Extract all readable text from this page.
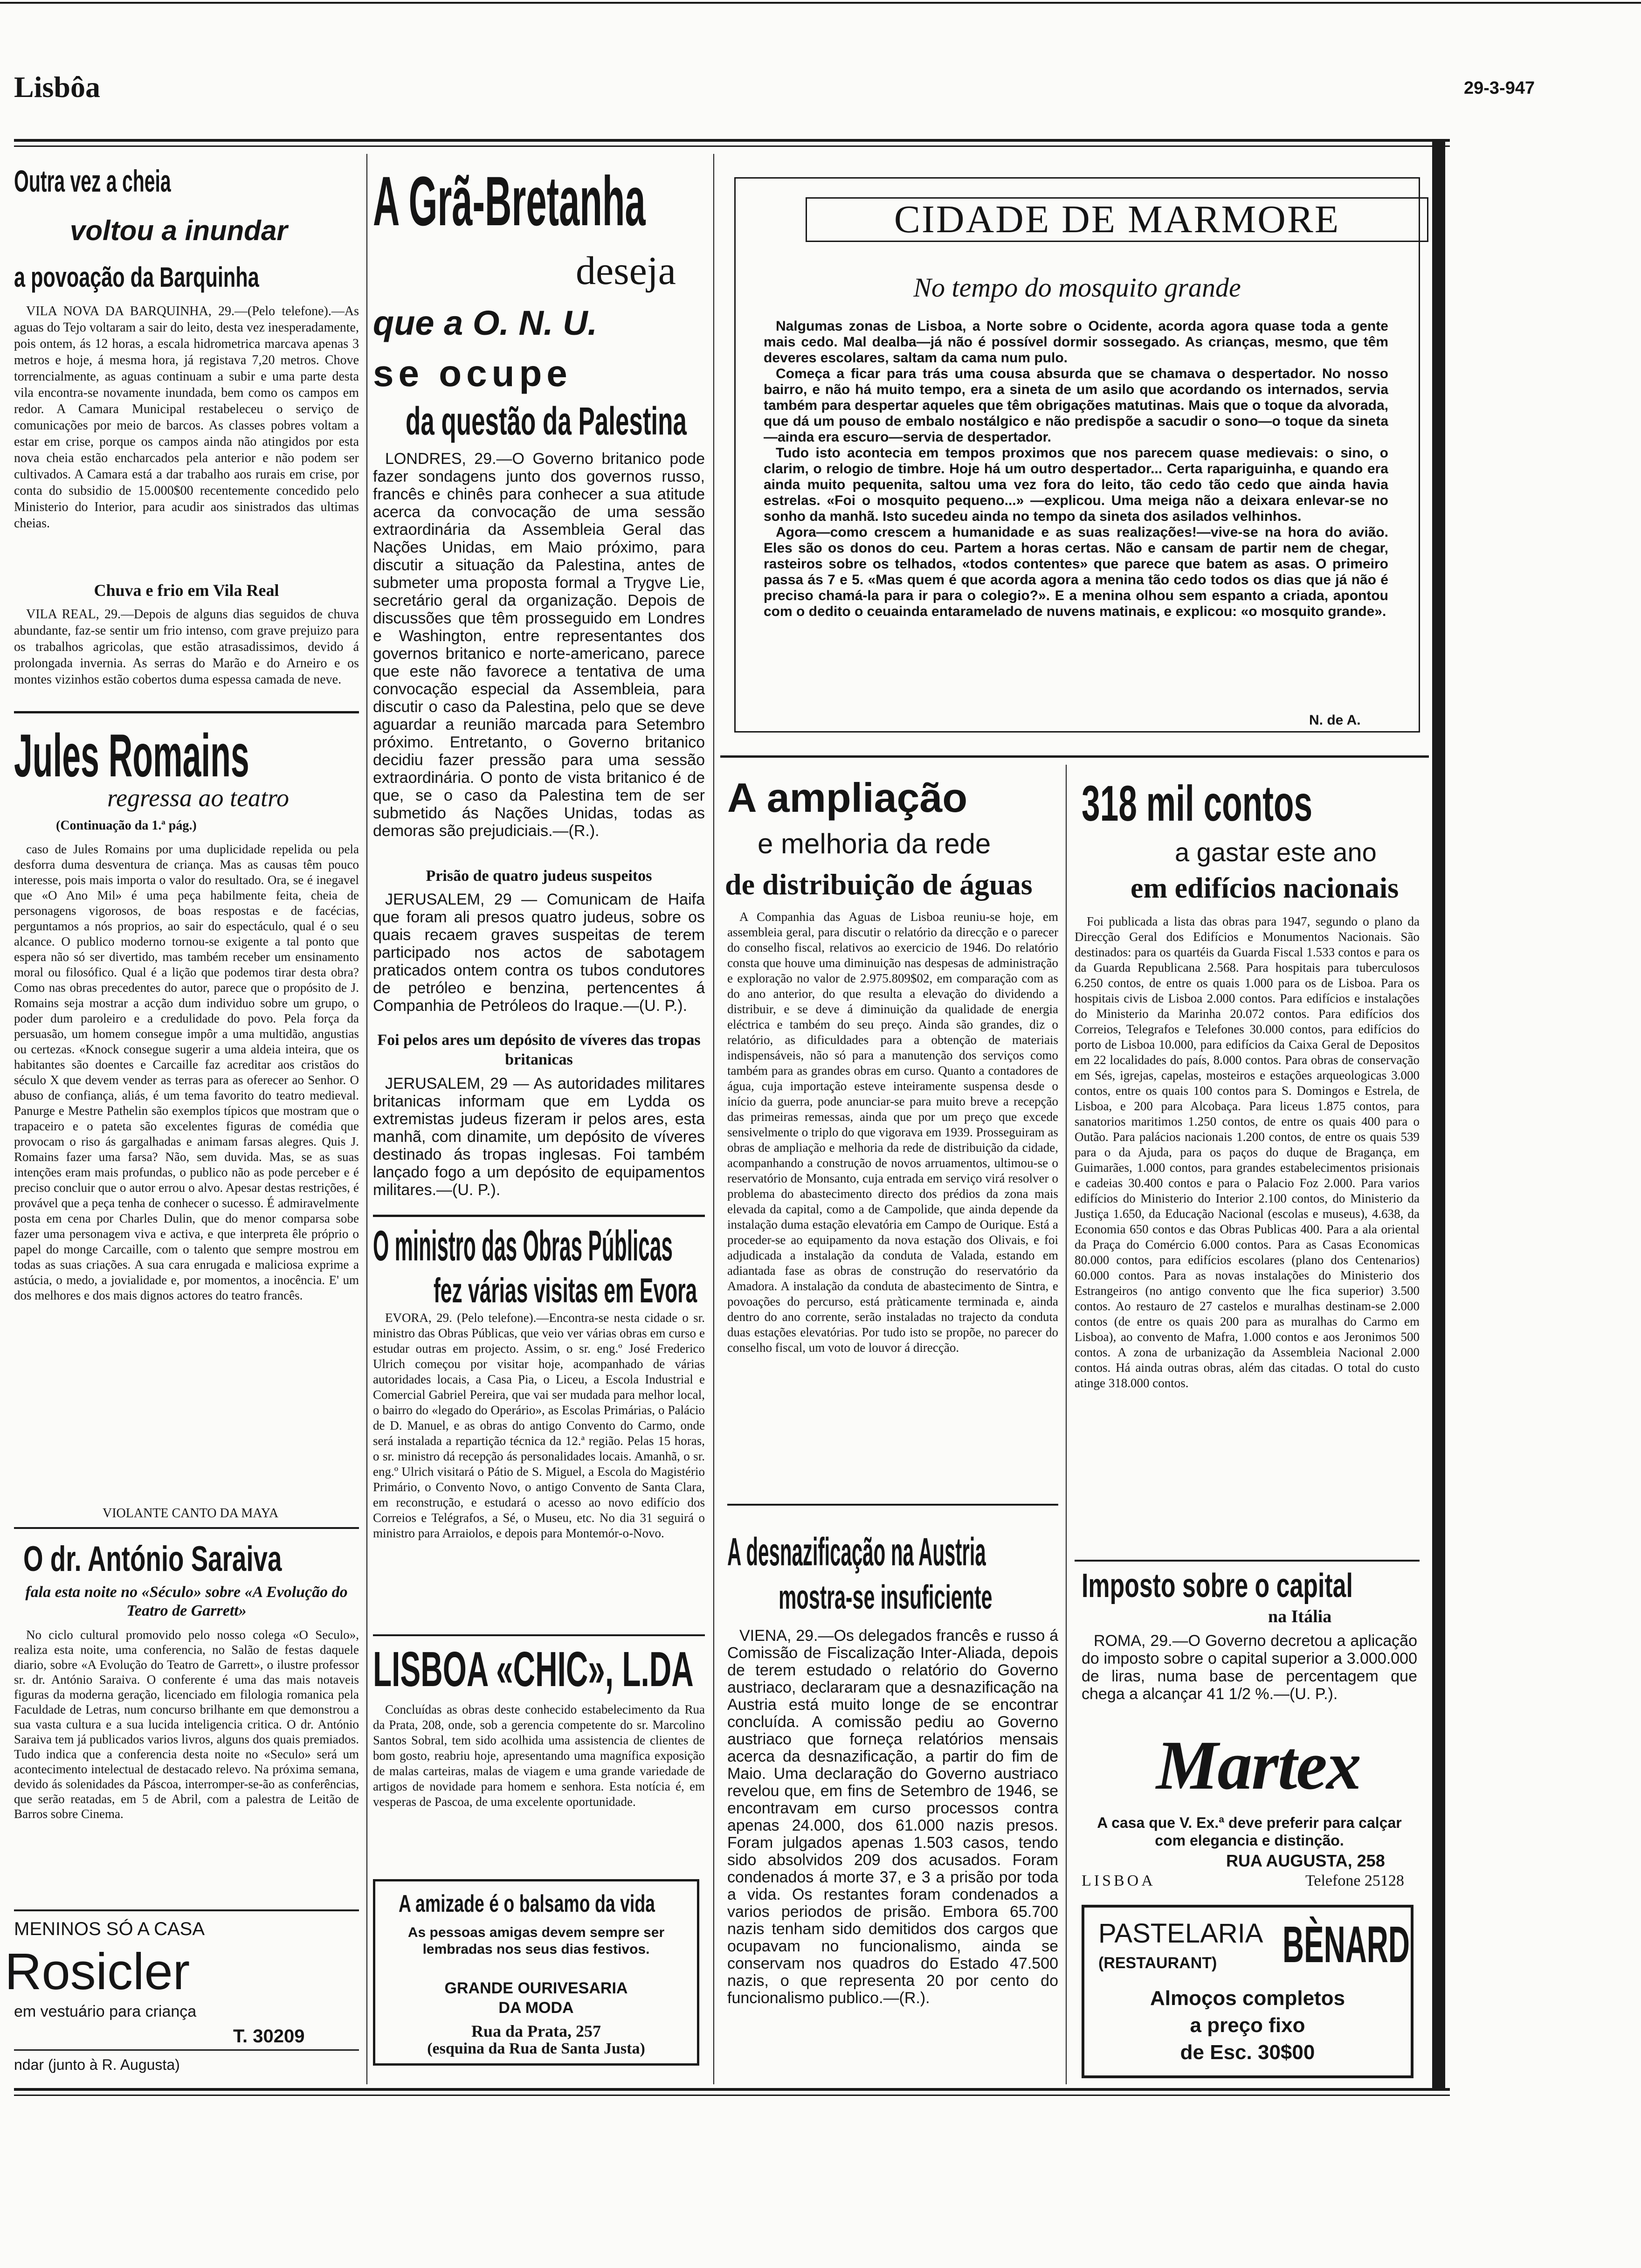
Lisbôa	29-3-947
Outra vez a cheia
voltou a inundar
a povoação da Barquinha

VILA NOVA DA BARQUINHA, 29.—(Pelo telefone).—As aguas do Tejo voltaram a sair do leito, desta vez inesperadamente, pois ontem, ás 12 horas, a escala hidrometrica marcava apenas 3 metros e hoje, á mesma hora, já registava 7,20 metros. Chove torrencialmente, as aguas continuam a subir e uma parte desta vila encontra-se novamente inundada, bem como os campos em redor. A Camara Municipal restabeleceu o serviço de comunicações por meio de barcos. As classes pobres voltam a estar em crise, porque os campos ainda não atingidos por esta nova cheia estão encharcados pela anterior e não podem ser cultivados. A Camara está a dar trabalho aos rurais em crise, por conta do subsidio de 15.000$00 recentemente concedido pelo Ministerio do Interior, para acudir aos sinistrados das ultimas cheias.

Chuva e frio em Vila Real

VILA REAL, 29.—Depois de alguns dias seguidos de chuva abundante, faz-se sentir um frio intenso, com grave prejuizo para os trabalhos agricolas, que estão atrasadissimos, devido á prolongada invernia. As serras do Marão e do Arneiro e os montes vizinhos estão cobertos duma espessa camada de neve.

Jules Romains
regressa ao teatro
(Continuação da 1.ª pág.)

caso de Jules Romains por uma duplicidade repelida ou pela desforra duma desventura de criança. Mas as causas têm pouco interesse, pois mais importa o valor do resultado. Ora, se é inegavel que «O Ano Mil» é uma peça habilmente feita, cheia de personagens vigorosos, de boas respostas e de facécias, perguntamos a nós proprios, ao sair do espectáculo, qual é o seu alcance. O publico moderno tornou-se exigente a tal ponto que espera não só ser divertido, mas também receber um ensinamento moral ou filosófico. Qual é a lição que podemos tirar desta obra? Como nas obras precedentes do autor, parece que o propósito de J. Romains seja mostrar a acção dum individuo sobre um grupo, o poder dum paroleiro e a credulidade do povo. Pela força da persuasão, um homem consegue impôr a uma multidão, angustias ou certezas. «Knock consegue sugerir a uma aldeia inteira, que os habitantes são doentes e Carcaille faz acreditar aos cristãos do século X que devem vender as terras para as oferecer ao Senhor. O abuso de confiança, aliás, é um tema favorito do teatro medieval. Panurge e Mestre Pathelin são exemplos típicos que mostram que o trapaceiro e o pateta são excelentes figuras de comédia que provocam o riso ás gargalhadas e animam farsas alegres. Quis J. Romains fazer uma farsa? Não, sem duvida. Mas, se as suas intenções eram mais profundas, o publico não as pode perceber e é preciso concluir que o autor errou o alvo. Apesar destas restrições, é provável que a peça tenha de conhecer o sucesso. É admiravelmente posta em cena por Charles Dulin, que do menor comparsa sobe fazer uma personagem viva e activa, e que interpreta êle próprio o papel do monge Carcaille, com o talento que sempre mostrou em todas as suas criações. A sua cara enrugada e maliciosa exprime a astúcia, o medo, a jovialidade e, por momentos, a inocência. E' um dos melhores e dos mais dignos actores do teatro francês.

VIOLANTE CANTO DA MAYA
O dr. António Saraiva
fala esta noite no «Século» sobre «A Evolução do Teatro de Garrett»

No ciclo cultural promovido pelo nosso colega «O Seculo», realiza esta noite, uma conferencia, no Salão de festas daquele diario, sobre «A Evolução do Teatro de Garrett», o ilustre professor sr. dr. António Saraiva. O conferente é uma das mais notaveis figuras da moderna geração, licenciado em filologia romanica pela Faculdade de Letras, num concurso brilhante em que demonstrou a sua vasta cultura e a sua lucida inteligencia critica. O dr. António Saraiva tem já publicados varios livros, alguns dos quais premiados. Tudo indica que a conferencia desta noite no «Seculo» será um acontecimento intelectual de destacado relevo. Na próxima semana, devido ás solenidades da Páscoa, interromper-se-ão as conferências, que serão reatadas, em 5 de Abril, com a palestra de Leitão de Barros sobre Cinema.

MENINOS SÓ A CASA
Rosicler
em vestuário para criança
T. 30209
ndar (junto à R. Augusta)
A Grã-Bretanha
deseja
que a O. N. U.
se ocupe
da questão da Palestina

LONDRES, 29.—O Governo britanico pode fazer sondagens junto dos governos russo, francês e chinês para conhecer a sua atitude acerca da convocação de uma sessão extraordinária da Assembleia Geral das Nações Unidas, em Maio próximo, para discutir a situação da Palestina, antes de submeter uma proposta formal a Trygve Lie, secretário geral da organização. Depois de discussões que têm prosseguido em Londres e Washington, entre representantes dos governos britanico e norte-americano, parece que este não favorece a tentativa de uma convocação especial da Assembleia, para discutir o caso da Palestina, pelo que se deve aguardar a reunião marcada para Setembro próximo. Entretanto, o Governo britanico decidiu fazer pressão para uma sessão extraordinária. O ponto de vista britanico é de que, se o caso da Palestina tem de ser submetido ás Nações Unidas, todas as demoras são prejudiciais.—(R.).

Prisão de quatro judeus suspeitos

JERUSALEM, 29 — Comunicam de Haifa que foram ali presos quatro judeus, sobre os quais recaem graves suspeitas de terem participado nos actos de sabotagem praticados ontem contra os tubos condutores de petróleo e benzina, pertencentes á Companhia de Petróleos do Iraque.—(U. P.).

Foi pelos ares um depósito de víveres das tropas britanicas

JERUSALEM, 29 — As autoridades militares britanicas informam que em Lydda os extremistas judeus fizeram ir pelos ares, esta manhã, com dinamite, um depósito de víveres destinado ás tropas inglesas. Foi também lançado fogo a um depósito de equipamentos militares.—(U. P.).

O ministro das Obras Públicas
fez várias visitas em Evora

EVORA, 29. (Pelo telefone).—Encontra-se nesta cidade o sr. ministro das Obras Públicas, que veio ver várias obras em curso e estudar outras em projecto. Assim, o sr. eng.º José Frederico Ulrich começou por visitar hoje, acompanhado de várias autoridades locais, a Casa Pia, o Liceu, a Escola Industrial e Comercial Gabriel Pereira, que vai ser mudada para melhor local, o bairro do «legado do Operário», as Escolas Primárias, o Palácio de D. Manuel, e as obras do antigo Convento do Carmo, onde será instalada a repartição técnica da 12.ª região. Pelas 15 horas, o sr. ministro dá recepção ás personalidades locais. Amanhã, o sr. eng.º Ulrich visitará o Pátio de S. Miguel, a Escola do Magistério Primário, o Convento Novo, o antigo Convento de Santa Clara, em reconstrução, e estudará o acesso ao novo edifício dos Correios e Telégrafos, a Sé, o Museu, etc. No dia 31 seguirá o ministro para Arraiolos, e depois para Montemór-o-Novo.

LISBOA «CHIC», L.DA

Concluídas as obras deste conhecido estabelecimento da Rua da Prata, 208, onde, sob a gerencia competente do sr. Marcolino Santos Sobral, tem sido acolhida uma assistencia de clientes de bom gosto, reabriu hoje, apresentando uma magnífica exposição de malas carteiras, malas de viagem e uma grande variedade de artigos de novidade para homem e senhora. Esta notícia é, em vesperas de Pascoa, de uma excelente oportunidade.

A amizade é o balsamo da vida
As pessoas amigas devem sempre ser lembradas nos seus dias festivos.
GRANDE OURIVESARIA
DA MODA
Rua da Prata, 257
(esquina da Rua de Santa Justa)
CIDADE DE MARMORE
No tempo do mosquito grande

Nalgumas zonas de Lisboa, a Norte sobre o Ocidente, acorda agora quase toda a gente mais cedo. Mal dealba—já não é possível dormir sossegado. As crianças, mesmo, que têm deveres escolares, saltam da cama num pulo.

Começa a ficar para trás uma cousa absurda que se chamava o despertador. No nosso bairro, e não há muito tempo, era a sineta de um asilo que acordando os internados, servia também para despertar aqueles que têm obrigações matutinas. Mais que o toque da alvorada, que dá um pouso de embalo nostálgico e não predispõe a sacudir o sono—o toque da sineta—ainda era escuro—servia de despertador.

Tudo isto acontecia em tempos proximos que nos parecem quase medievais: o sino, o clarim, o relogio de timbre. Hoje há um outro despertador... Certa rapariguinha, e quando era ainda muito pequenita, saltou uma vez fora do leito, tão cedo tão cedo que ainda havia estrelas. «Foi o mosquito pequeno...» —explicou. Uma meiga não a deixara enlevar-se no sonho da manhã. Isto sucedeu ainda no tempo da sineta dos asilados velhinhos.

Agora—como crescem a humanidade e as suas realizações!—vive-se na hora do avião. Eles são os donos do ceu. Partem a horas certas. Não e cansam de partir nem de chegar, rasteiros sobre os telhados, «todos contentes» que parece que batem as asas. O primeiro passa ás 7 e 5. «Mas quem é que acorda agora a menina tão cedo todos os dias que já não é preciso chamá-la para ir para o colegio?». E a menina olhou sem espanto a criada, apontou com o dedito o ceuainda entaramelado de nuvens matinais, e explicou: «o mosquito grande».

N. de A.
A ampliação
e melhoria da rede
de distribuição de águas

A Companhia das Aguas de Lisboa reuniu-se hoje, em assembleia geral, para discutir o relatório da direcção e o parecer do conselho fiscal, relativos ao exercicio de 1946. Do relatório consta que houve uma diminuição nas despesas de administração e exploração no valor de 2.975.809$02, em comparação com as do ano anterior, do que resulta a elevação do dividendo a distribuir, e se deve á diminuição da qualidade de energia eléctrica e também do seu preço. Ainda são grandes, diz o relatório, as dificuldades para a obtenção de materiais indispensáveis, não só para a manutenção dos serviços como também para as grandes obras em curso. Quanto a contadores de água, cuja importação esteve inteiramente suspensa desde o início da guerra, pode anunciar-se para muito breve a recepção das primeiras remessas, ainda que por um preço que excede sensivelmente o triplo do que vigorava em 1939. Prosseguiram as obras de ampliação e melhoria da rede de distribuição da cidade, acompanhando a construção de novos arruamentos, ultimou-se o reservatório de Monsanto, cuja entrada em serviço virá resolver o problema do abastecimento directo dos prédios da zona mais elevada da capital, como a de Campolide, que ainda depende da instalação duma estação elevatória em Campo de Ourique. Está a proceder-se ao equipamento da nova estação dos Olivais, e foi adjudicada a instalação da conduta de Valada, estando em adiantada fase as obras de construção do reservatório da Amadora. A instalação da conduta de abastecimento de Sintra, e povoações do percurso, está pràticamente terminada e, ainda dentro do ano corrente, serão instaladas no trajecto da conduta duas estações elevatórias. Por tudo isto se propõe, no parecer do conselho fiscal, um voto de louvor á direcção.

A desnazificação na Austria
mostra-se insuficiente

VIENA, 29.—Os delegados francês e russo á Comissão de Fiscalização Inter-Aliada, depois de terem estudado o relatório do Governo austriaco, declararam que a desnazificação na Austria está muito longe de se encontrar concluída. A comissão pediu ao Governo austriaco que forneça relatórios mensais acerca da desnazificação, a partir do fim de Maio. Uma declaração do Governo austriaco revelou que, em fins de Setembro de 1946, se encontravam em curso processos contra apenas 24.000, dos 61.000 nazis presos. Foram julgados apenas 1.503 casos, tendo sido absolvidos 209 dos acusados. Foram condenados á morte 37, e 3 a prisão por toda a vida. Os restantes foram condenados a varios periodos de prisão. Embora 65.700 nazis tenham sido demitidos dos cargos que ocupavam no funcionalismo, ainda se conservam nos quadros do Estado 47.500 nazis, o que representa 20 por cento do funcionalismo publico.—(R.).

318 mil contos
a gastar este ano
em edifícios nacionais

Foi publicada a lista das obras para 1947, segundo o plano da Direcção Geral dos Edifícios e Monumentos Nacionais. São destinados: para os quartéis da Guarda Fiscal 1.533 contos e para os da Guarda Republicana 2.568. Para hospitais para tuberculosos 6.250 contos, de entre os quais 1.000 para os de Lisboa. Para os hospitais civis de Lisboa 2.000 contos. Para edifícios e instalações do Ministerio da Marinha 20.072 contos. Para edifícios dos Correios, Telegrafos e Telefones 30.000 contos, para edifícios do porto de Lisboa 10.000, para edifícios da Caixa Geral de Depositos em 22 localidades do país, 8.000 contos. Para obras de conservação em Sés, igrejas, capelas, mosteiros e estações arqueologicas 3.000 contos, entre os quais 100 contos para S. Domingos e Estrela, de Lisboa, e 200 para Alcobaça. Para liceus 1.875 contos, para sanatorios maritimos 1.250 contos, de entre os quais 400 para o Outão. Para palácios nacionais 1.200 contos, de entre os quais 539 para o da Ajuda, para os paços do duque de Bragança, em Guimarães, 1.000 contos, para grandes estabelecimentos prisionais e cadeias 30.400 contos e para o Palacio Foz 2.000. Para varios edifícios do Ministerio do Interior 2.100 contos, do Ministerio da Justiça 1.650, da Educação Nacional (escolas e museus), 4.638, da Economia 650 contos e das Obras Publicas 400. Para a ala oriental da Praça do Comércio 6.000 contos. Para as Casas Economicas 80.000 contos, para edifícios escolares (plano dos Centenarios) 60.000 contos. Para as novas instalações do Ministerio dos Estrangeiros (no antigo convento que lhe fica superior) 3.500 contos. Ao restauro de 27 castelos e muralhas destinam-se 2.000 contos (de entre os quais 200 para as muralhas do Carmo em Lisboa), ao convento de Mafra, 1.000 contos e aos Jeronimos 500 contos. A zona de urbanização da Assembleia Nacional 2.000 contos. Há ainda outras obras, além das citadas. O total do custo atinge 318.000 contos.

Imposto sobre o capital
na Itália

ROMA, 29.—O Governo decretou a aplicação do imposto sobre o capital superior a 3.000.000 de liras, numa base de percentagem que chega a alcançar 41 1/2 %.—(U. P.).

Martex
A casa que V. Ex.ª deve preferir para calçar com elegancia e distinção.
RUA AUGUSTA, 258
LISBOA	Telefone 25128
PASTELARIA BÈNARD
(RESTAURANT)
Almoços completos
a preço fixo
de Esc. 30$00
